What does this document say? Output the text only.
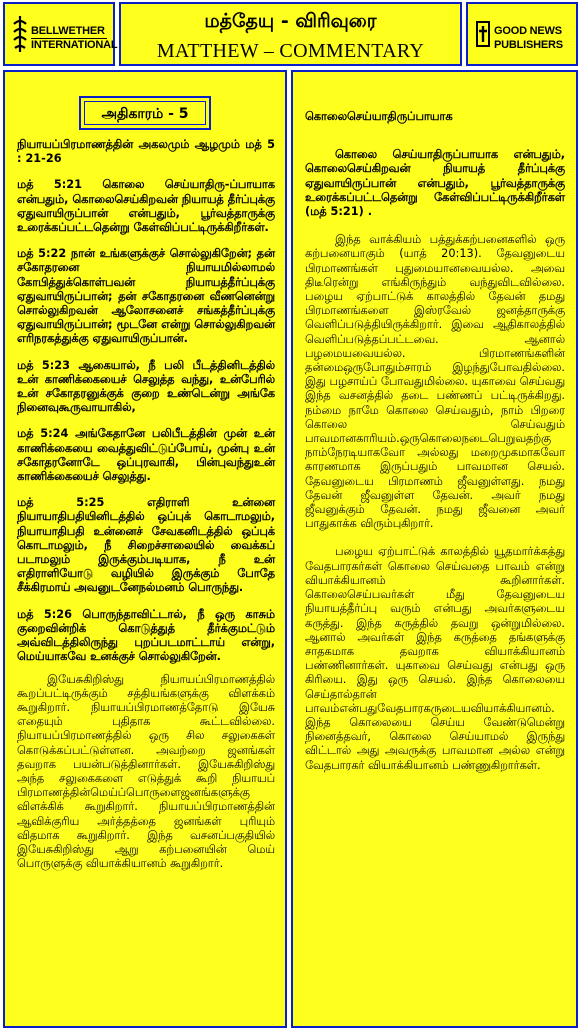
BELLWETHER
INTERNATIONAL
மத்தேயு - விரிவுரை
MATTHEW – COMMENTARY
GOOD NEWS
PUBLISHERS
அதிகாரம் - 5

நியாயப்பிரமாணத்தின் அகலமும் ஆழமும் மத் 5 : 21-26

மத் 5:21 கொலை செய்யாதிரு-ப்பாயாக என்பதும், கொலைசெய்கிறவன் நியாயத் தீர்ப்புக்கு ஏதுவாயிருப்பான் என்பதும், பூர்வத்தாருக்கு உரைக்கப்பட்டதென்று கேள்விப்பட்டிருக்கிறீர்கள்.

மத் 5:22 நான் உங்களுக்குச் சொல்லுகிறேன்; தன் சகோதரனை நியாயமில்லாமல் கோபித்துக்கொள்பவன் நியாயத்தீர்ப்புக்கு ஏதுவாயிருப்பான்; தன் சகோதரனை வீணனென்று சொல்லுகிறவன் ஆலோசனைச் சங்கத்தீர்ப்புக்கு ஏதுவாயிருப்பான்; மூடனே என்று சொல்லுகிறவன் எரிநரகத்துக்கு ஏதுவாயிருப்பான்.

மத் 5:23 ஆகையால், நீ பலி பீடத்தினிடத்தில் உன் காணிக்கையைச் செலுத்த வந்து, உன்பேரில் உன் சகோதரனுக்குக் குறை உண்டென்று அங்கே நினைவுகூருவாயாகில்,

மத் 5:24 அங்கேதானே பலிபீடத்தின் முன் உன் காணிக்கையை வைத்துவிட்டுப்போய், முன்பு உன் சகோதரனோடே ஒப்புரவாகி, பின்புவந்துஉன் காணிக்கையைச் செலுத்து.

மத் 5:25 எதிராளி உன்னை நியாயாதிபதியினிடத்தில் ஒப்புக் கொடாமலும், நியாயாதிபதி உன்னைச் சேவகனிடத்தில் ஒப்புக் கொடாமலும், நீ சிறைச்சாலையில் வைக்கப் படாமலும் இருக்கும்படியாக, நீ உன் எதிராளியோடு வழியில் இருக்கும் போதே சீக்கிரமாய் அவனுடனேநல்மனம் பொருந்து.

மத் 5:26 பொருந்தாவிட்டால், நீ ஒரு காசும் குறைவின்றிக் கொடுத்துத் தீர்க்குமட்டும் அவ்விடத்திலிருந்து புறப்படமாட்டாய் என்று, மெய்யாகவே உனக்குச் சொல்லுகிறேன்.

இயேசுகிறிஸ்து நியாயப்பிரமாணத்தில் கூறப்பட்டிருக்கும் சத்தியங்களுக்கு விளக்கம் கூறுகிறார். நியாயப்பிரமாணத்தோடு இயேசு எதையும் புதிதாக கூட்டவில்லை. நியாயப்பிரமாணத்தில் ஒரு சில சலுகைகள் கொடுக்கப்பட்டுள்ளன. அவற்றை ஜனங்கள் தவறாக பயன்படுத்தினார்கள். இயேசுகிறிஸ்து அந்த சலுகைகளை எடுத்துக் கூறி நியாயப் பிரமாணத்தின்மெய்ப்பொருளைஜனங்களுக்கு விளக்கிக் கூறுகிறார். நியாயப்பிரமாணத்தின் ஆவிக்குரிய அர்த்தத்தை ஜனங்கள் புரியும் விதமாக கூறுகிறார். இந்த வசனப்பகுதியில் இயேசுகிறிஸ்து ஆறு கற்பனையின் மெய் பொருளுக்கு வியாக்கியானம் கூறுகிறார்.

கொலைசெய்யாதிருப்பாயாக

கொலை செய்யாதிருப்பாயாக என்பதும், கொலைசெய்கிறவன் நியாயத் தீர்ப்புக்கு ஏதுவாயிருப்பான் என்பதும், பூர்வத்தாருக்கு உரைக்கப்பட்டதென்று கேள்விப்பட்டிருக்கிறீர்கள் (மத் 5:21) .

இந்த வாக்கியம் பத்துக்கற்பனைகளில் ஒரு கற்பனையாகும் (யாத் 20:13). தேவனுடைய பிரமாணங்கள் புதுமையானவையல்ல. அவை திடீரென்று எங்கிருந்தும் வந்துவிடவில்லை. பழைய ஏற்பாட்டுக் காலத்தில் தேவன் தமது பிரமாணங்களை இஸ்ரவேல் ஜனத்தாருக்கு வெளிப்படுத்தியிருக்கிறார். இவை ஆதிகாலத்தில் வெளிப்படுத்தப்பட்டவை. ஆனால் பழமையவையல்ல. பிரமாணங்களின் தன்மைஒருபோதும்சாரம் இழந்துபோவதில்லை. இது பழசாய்ப் போவதுமில்லை. யுகாவை செய்வது இந்த வசனத்தில் தடை பண்ணப் பட்டிருக்கிறது. நம்மை நாமே கொலை செய்வதும், நாம் பிறரை கொலை செய்வதும் பாவமானகாரியம்.ஒருகொலைநடைபெறுவதற்கு நாம்நேரடியாகவோ அல்லது மறைமுகமாகவோ காரணமாக இருப்பதும் பாவமான செயல். தேவனுடைய பிரமாணம் ஜீவனுள்ளது. நமது தேவன் ஜீவனுள்ள தேவன். அவர் நமது ஜீவனுக்கும் தேவன். நமது ஜீவனை அவர் பாதுகாக்க விரும்புகிறார்.

பழைய ஏற்பாட்டுக் காலத்தில் யூதமார்க்கத்து வேதபாரகர்கள் கொலை செய்வதை பாவம் என்று வியாக்கியானம் கூறினார்கள். கொலைசெய்பவர்கள் மீது தேவனுடைய நியாயத்தீர்ப்பு வரும் என்பது அவர்களுடைய கருத்து. இந்த கருத்தில் தவறு ஒன்றுமில்லை. ஆனால் அவர்கள் இந்த கருத்தை தங்களுக்கு சாதகமாக தவறாக வியாக்கியானம் பண்ணினார்கள். யுகாவை செய்வது என்பது ஒரு கிரியை. இது ஒரு செயல். இந்த கொலையை செய்தால்தான் பாவம்என்பதுவேதபாரகருடையவியாக்கியானம். இந்த கொலையை செய்ய வேண்டுமென்று நினைத்தவர், கொலை செய்யாமல் இருந்து விட்டால் அது அவருக்கு பாவமான அல்ல என்று வேதபாரகர் வியாக்கியானம் பண்ணுகிறார்கள்.
